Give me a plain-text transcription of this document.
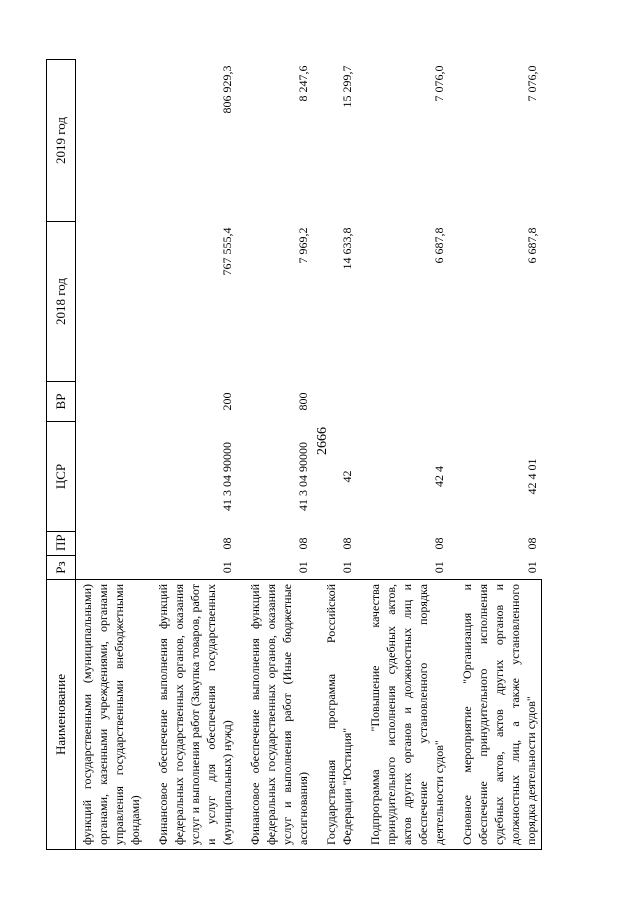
2666
Наименование	Рз	ПР	ЦСР	ВР	2018 год	2019 год
функций государственными (муниципальными) органами, казенными учреждениями, органами управления государственными внебюджетными фондами)						
Финансовое обеспечение выполнения функций федеральных государственных органов, оказания услуг и выполнения работ (Закупка товаров, работ и услуг для обеспечения государственных (муниципальных) нужд)	01	08	41 3 04 90000	200	767 555,4	806 929,3
Финансовое обеспечение выполнения функций федеральных государственных органов, оказания услуг и выполнения работ (Иные бюджетные ассигнования)	01	08	41 3 04 90000	800	7 969,2	8 247,6
Государственная программа Российской Федерации "Юстиция"	01	08	42		14 633,8	15 299,7
Подпрограмма "Повышение качества принудительного исполнения судебных актов, актов других органов и должностных лиц и обеспечение установленного порядка деятельности судов"	01	08	42 4		6 687,8	7 076,0
Основное мероприятие "Организация и обеспечение принудительного исполнения судебных актов, актов других органов и должностных лиц, а также установленного порядка деятельности судов"	01	08	42 4 01		6 687,8	7 076,0
